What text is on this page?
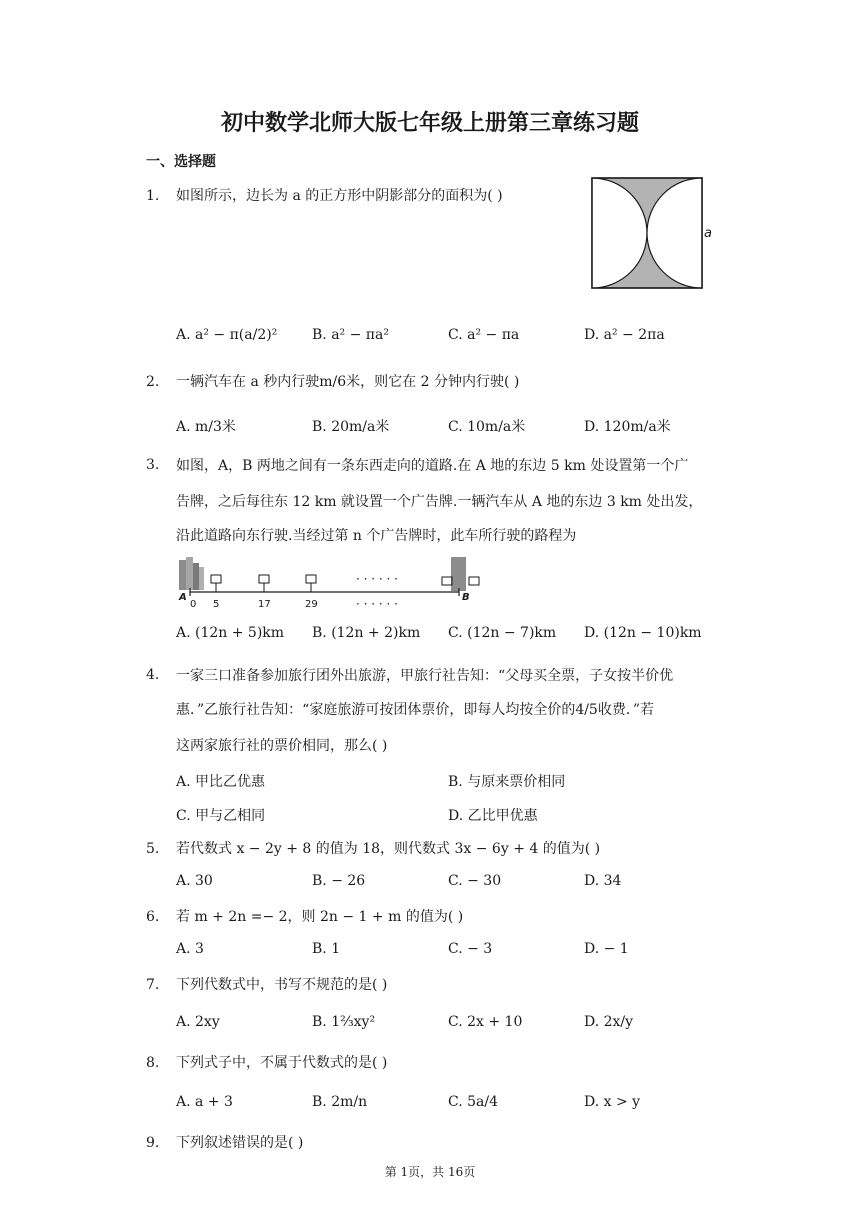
初中数学北师大版七年级上册第三章练习题
一、选择题
1.	如图所示，边长为 a 的正方形中阴影部分的面积为( )
a
A. a² − π(a/2)² B. a² − πa²	C. a² − πa	D. a² − 2πa
2.	一辆汽车在 a 秒内行驶m/6米，则它在 2 分钟内行驶( )
A. m/3米	B. 20m/a米	C. 10m/a米	D. 120m/a米
3.	如图，A，B 两地之间有一条东西走向的道路.在 A 地的东边 5 km 处设置第一个广
告牌，之后每往东 12 km 就设置一个广告牌.一辆汽车从 A 地的东边 3 km 处出发，
沿此道路向东行驶.当经过第 n 个广告牌时，此车所行驶的路程为
· · · · · ·
· · · · · ·
A	B
0 5	17	29
A. (12n + 5)km B. (12n + 2)km C. (12n − 7)km D. (12n − 10)km
4.	一家三口准备参加旅行团外出旅游，甲旅行社告知：“父母买全票，子女按半价优
惠．”乙旅行社告知：“家庭旅游可按团体票价，即每人均按全价的4/5收费．”若
这两家旅行社的票价相同，那么( )
A. 甲比乙优惠	B. 与原来票价相同
C. 甲与乙相同	D. 乙比甲优惠
5.	若代数式 x − 2y + 8 的值为 18，则代数式 3x − 6y + 4 的值为( )
A. 30	B. − 26	C. − 30	D. 34
6.	若 m + 2n =− 2，则 2n − 1 + m 的值为( )
A. 3	B. 1	C. − 3	D. − 1
7.	下列代数式中，书写不规范的是( )
A. 2xy	B. 1⅔xy²	C. 2x + 10	D. 2x/y
8.	下列式子中，不属于代数式的是( )
A. a + 3	B. 2m/n	C. 5a/4	D. x > y
9.	下列叙述错误的是( )
第 1页，共 16页
